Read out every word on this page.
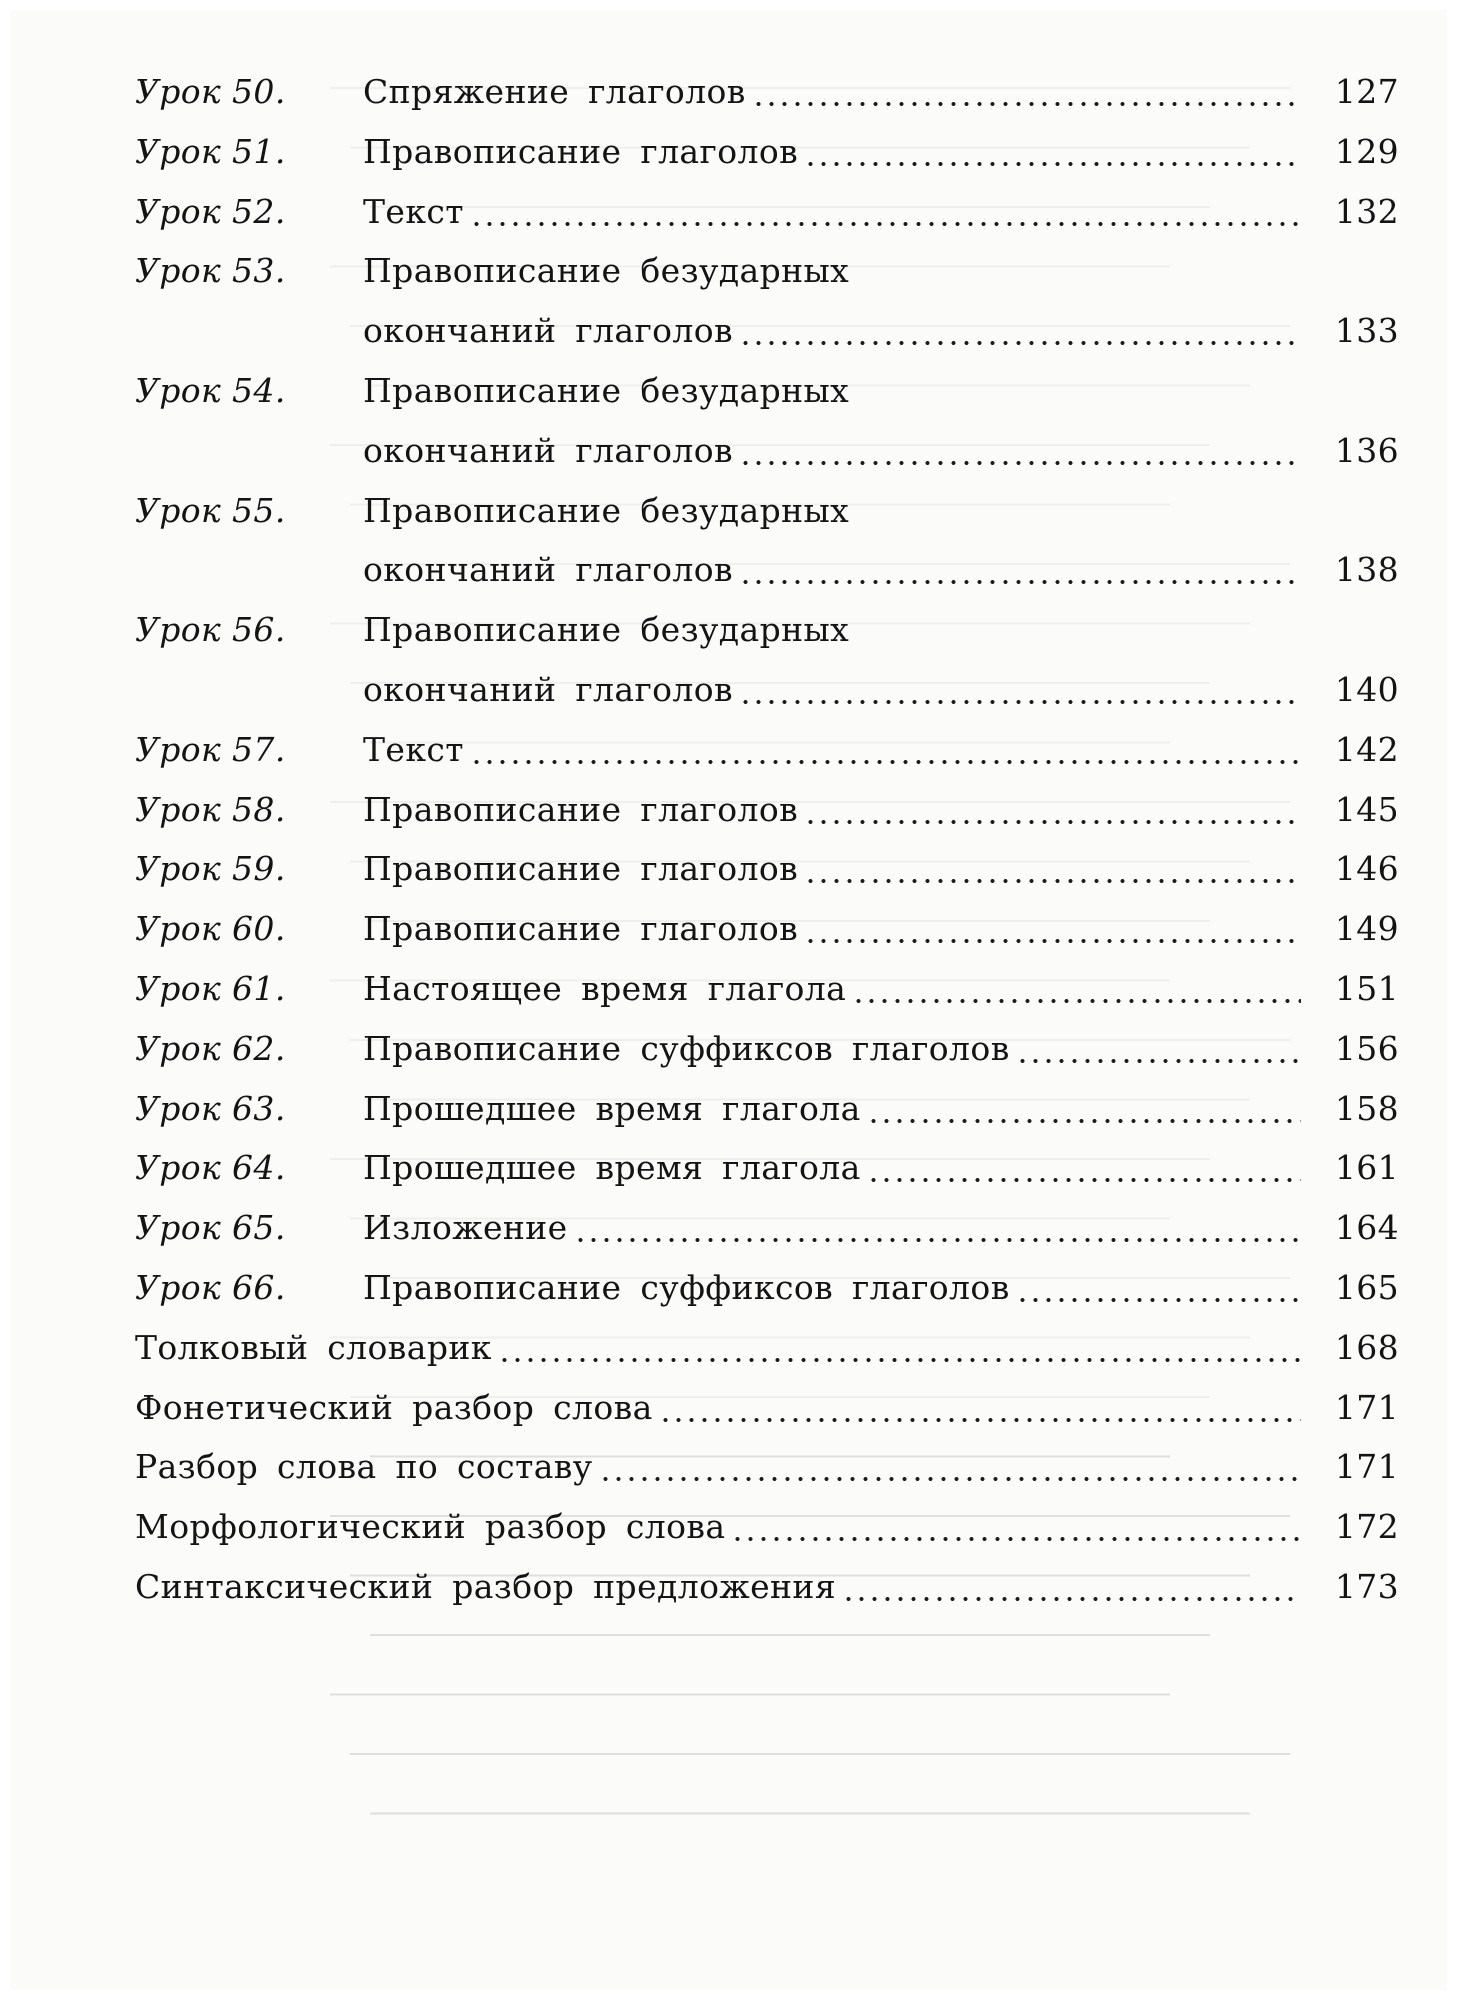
Урок 50. Спряжение глаголов	127
Урок 51. Правописание глаголов	129
Урок 52. Текст	132
Урок 53. Правописание безударных
окончаний глаголов	133
Урок 54. Правописание безударных
окончаний глаголов	136
Урок 55. Правописание безударных
окончаний глаголов	138
Урок 56. Правописание безударных
окончаний глаголов	140
Урок 57. Текст	142
Урок 58. Правописание глаголов	145
Урок 59. Правописание глаголов	146
Урок 60. Правописание глаголов	149
Урок 61. Настоящее время глагола	151
Урок 62. Правописание суффиксов глаголов	156
Урок 63. Прошедшее время глагола	158
Урок 64. Прошедшее время глагола	161
Урок 65. Изложение	164
Урок 66. Правописание суффиксов глаголов	165
Толковый словарик	168
Фонетический разбор слова	171
Разбор слова по составу	171
Морфологический разбор слова	172
Синтаксический разбор предложения	173
